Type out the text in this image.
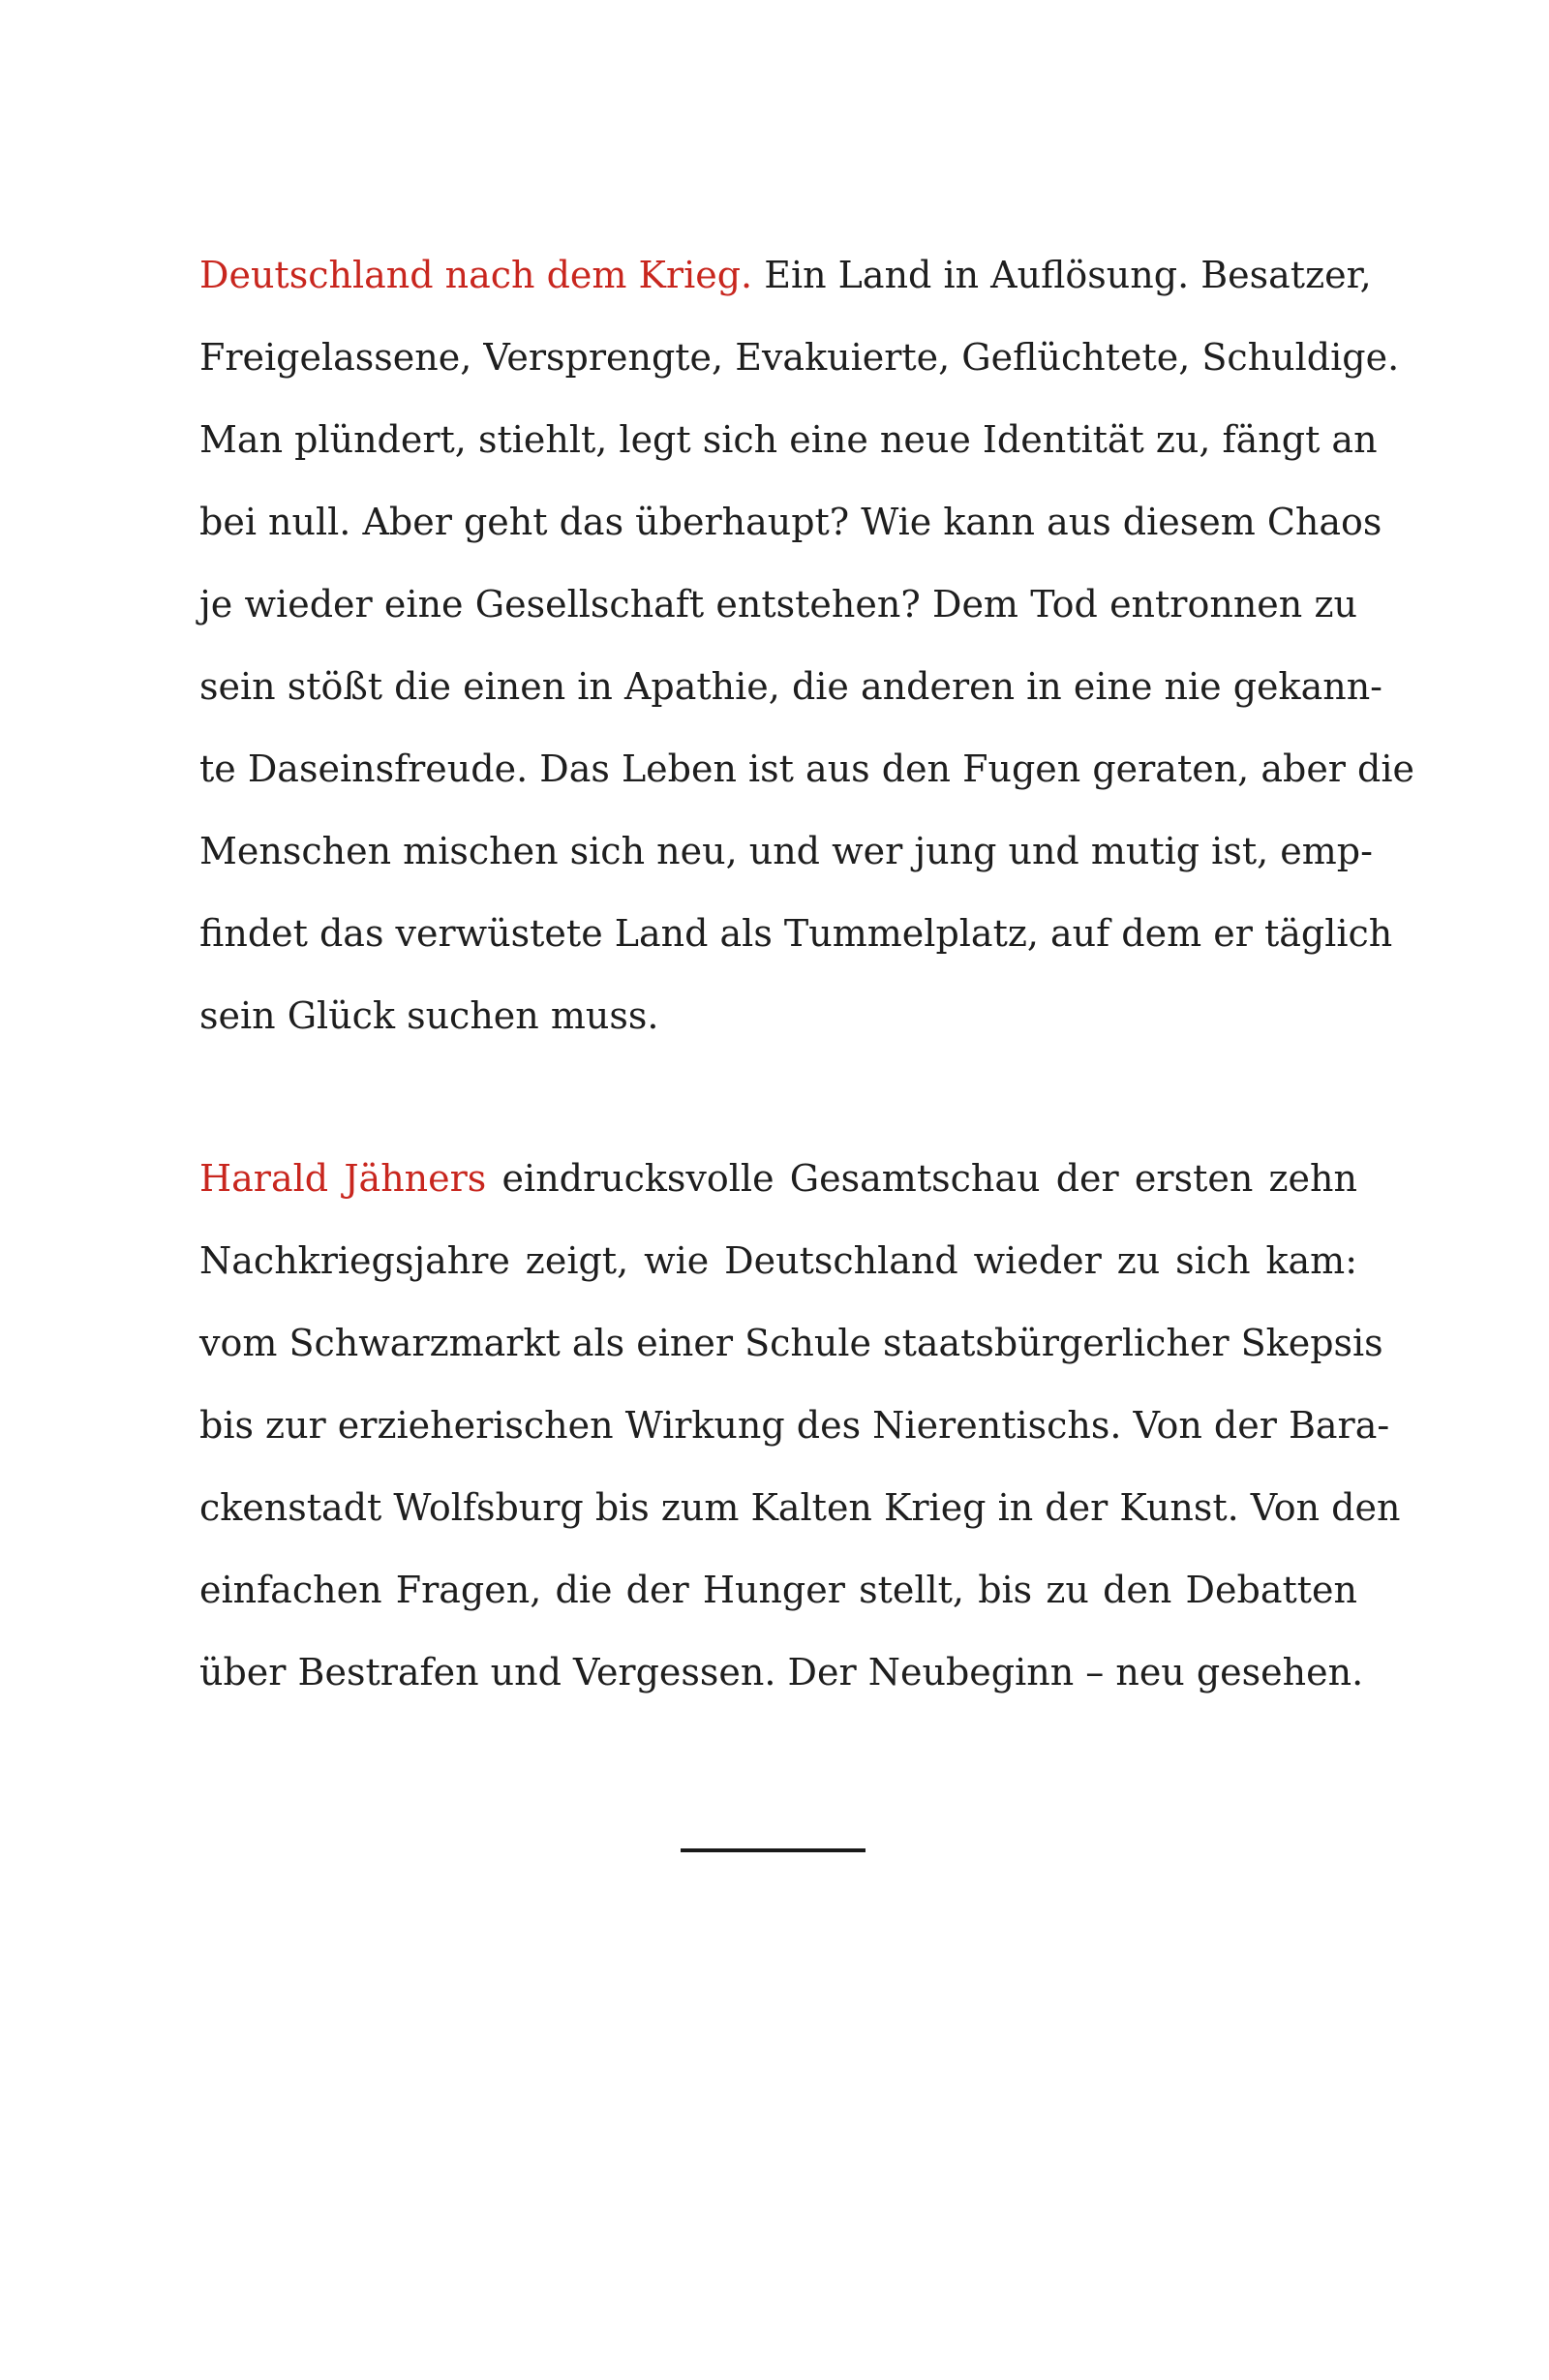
Deutschland nach dem Krieg. Ein Land in Auflösung. Besatzer,
Freigelassene, Versprengte, Evakuierte, Geflüchtete, Schuldige.
Man plündert, stiehlt, legt sich eine neue Identität zu, fängt an
bei null. Aber geht das überhaupt? Wie kann aus diesem Chaos
je wieder eine Gesellschaft entstehen? Dem Tod entronnen zu
sein stößt die einen in Apathie, die anderen in eine nie gekann-
te Daseinsfreude. Das Leben ist aus den Fugen geraten, aber die
Menschen mischen sich neu, und wer jung und mutig ist, emp-
findet das verwüstete Land als Tummelplatz, auf dem er täglich
sein Glück suchen muss.
Harald Jähners eindrucksvolle Gesamtschau der ersten zehn
Nachkriegsjahre zeigt, wie Deutschland wieder zu sich kam:
vom Schwarzmarkt als einer Schule staatsbürgerlicher Skepsis
bis zur erzieherischen Wirkung des Nierentischs. Von der Bara-
ckenstadt Wolfsburg bis zum Kalten Krieg in der Kunst. Von den
einfachen Fragen, die der Hunger stellt, bis zu den Debatten
über Bestrafen und Vergessen. Der Neubeginn – neu gesehen.
